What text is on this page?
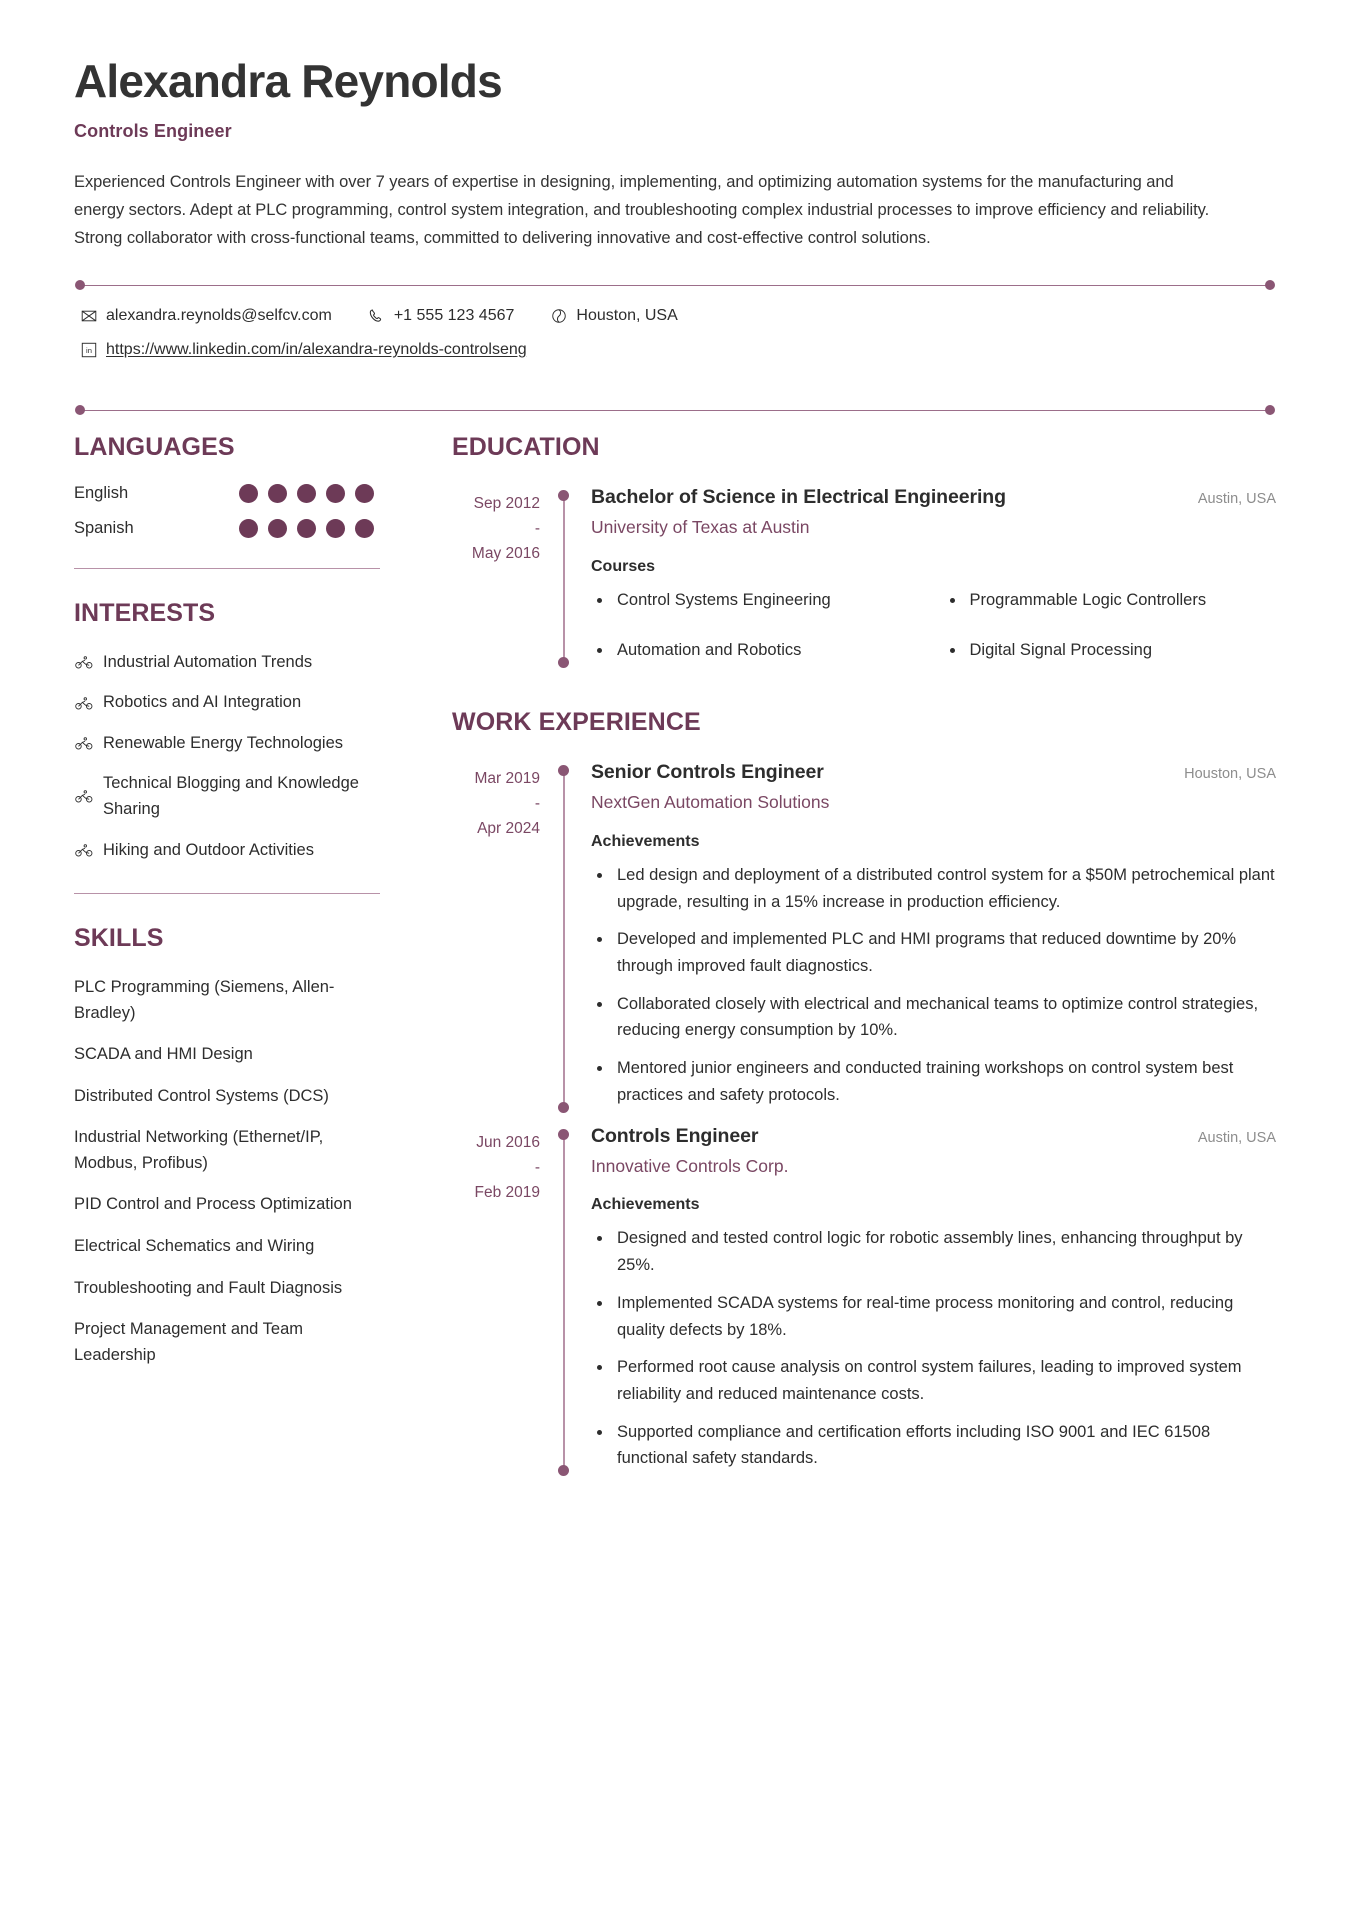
Alexandra Reynolds
Controls Engineer
Experienced Controls Engineer with over 7 years of expertise in designing, implementing, and optimizing automation systems for the manufacturing and energy sectors. Adept at PLC programming, control system integration, and troubleshooting complex industrial processes to improve efficiency and reliability. Strong collaborator with cross-functional teams, committed to delivering innovative and cost-effective control solutions.
alexandra.reynolds@selfcv.com	+1 555 123 4567	Houston, USA
in https://www.linkedin.com/in/alexandra-reynolds-controlseng
LANGUAGES
English
Spanish
INTERESTS
Industrial Automation Trends
Robotics and AI Integration
Renewable Energy Technologies
Technical Blogging and Knowledge Sharing
Hiking and Outdoor Activities
SKILLS
PLC Programming (Siemens, Allen-Bradley)
SCADA and HMI Design
Distributed Control Systems (DCS)
Industrial Networking (Ethernet/IP, Modbus, Profibus)
PID Control and Process Optimization
Electrical Schematics and Wiring
Troubleshooting and Fault Diagnosis
Project Management and Team Leadership
EDUCATION
Sep 2012
-
May 2016
Bachelor of Science in Electrical Engineering	Austin, USA
University of Texas at Austin
Courses
Control Systems Engineering	Programmable Logic Controllers
Automation and Robotics	Digital Signal Processing
WORK EXPERIENCE
Mar 2019
-
Apr 2024
Senior Controls Engineer	Houston, USA
NextGen Automation Solutions
Achievements
Led design and deployment of a distributed control system for a $50M petrochemical plant upgrade, resulting in a 15% increase in production efficiency.
Developed and implemented PLC and HMI programs that reduced downtime by 20% through improved fault diagnostics.
Collaborated closely with electrical and mechanical teams to optimize control strategies, reducing energy consumption by 10%.
Mentored junior engineers and conducted training workshops on control system best practices and safety protocols.
Jun 2016
-
Feb 2019
Controls Engineer	Austin, USA
Innovative Controls Corp.
Achievements
Designed and tested control logic for robotic assembly lines, enhancing throughput by 25%.
Implemented SCADA systems for real-time process monitoring and control, reducing quality defects by 18%.
Performed root cause analysis on control system failures, leading to improved system reliability and reduced maintenance costs.
Supported compliance and certification efforts including ISO 9001 and IEC 61508 functional safety standards.
